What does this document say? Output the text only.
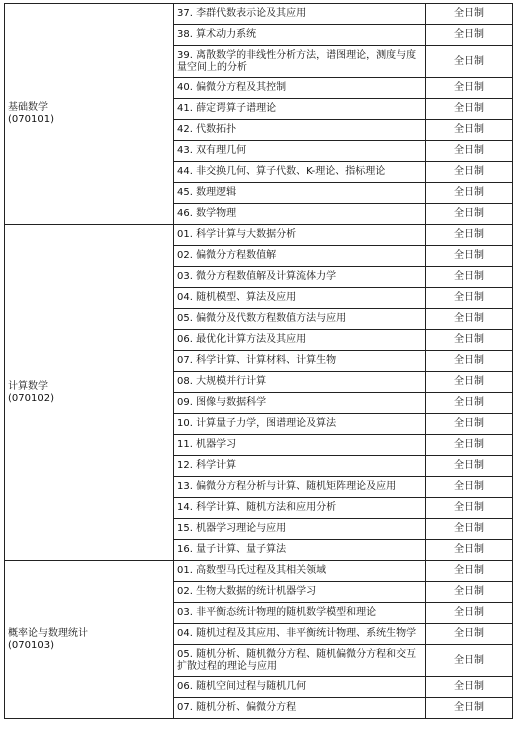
基础数学
(070101)	37. 李群代数表示论及其应用	全日制
	38. 算术动力系统	全日制
	39. 离散数学的非线性分析方法，谱图理论，测度与度量空间上的分析	全日制
	40. 偏微分方程及其控制	全日制
	41. 薛定谔算子谱理论	全日制
	42. 代数拓扑	全日制
	43. 双有理几何	全日制
	44. 非交换几何、算子代数、K-理论、指标理论	全日制
	45. 数理逻辑	全日制
	46. 数学物理	全日制

计算数学
(070102)	01. 科学计算与大数据分析	全日制
	02. 偏微分方程数值解	全日制
	03. 微分方程数值解及计算流体力学	全日制
	04. 随机模型、算法及应用	全日制
	05. 偏微分及代数方程数值方法与应用	全日制
	06. 最优化计算方法及其应用	全日制
	07. 科学计算、计算材料、计算生物	全日制
	08. 大规模并行计算	全日制
	09. 图像与数据科学	全日制
	10. 计算量子力学，图谱理论及算法	全日制
	11. 机器学习	全日制
	12. 科学计算	全日制
	13. 偏微分方程分析与计算、随机矩阵理论及应用	全日制
	14. 科学计算、随机方法和应用分析	全日制
	15. 机器学习理论与应用	全日制
	16. 量子计算、量子算法	全日制

概率论与数理统计
(070103)	01. 高数型马氏过程及其相关领域	全日制
	02. 生物大数据的统计机器学习	全日制
	03. 非平衡态统计物理的随机数学模型和理论	全日制
	04. 随机过程及其应用、非平衡统计物理、系统生物学	全日制
	05. 随机分析、随机微分方程、随机偏微分方程和交互扩散过程的理论与应用	全日制
	06. 随机空间过程与随机几何	全日制
	07. 随机分析、偏微分方程	全日制
